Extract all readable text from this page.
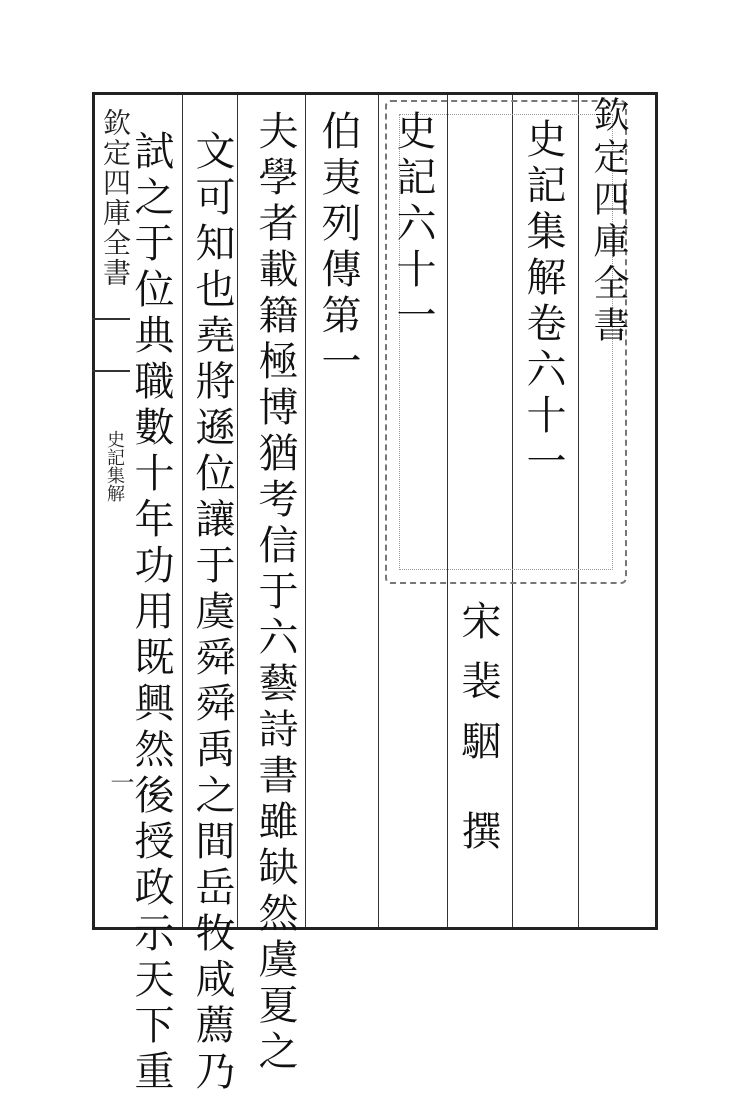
欽定四庫全書
史記集解
一	夫學者載籍極博猶考信于六藝詩書雖缺然虞夏之
文可知也堯將遜位讓于虞舜舜禹之間岳牧咸薦乃
試之于位典職數十年功用既興然後授政示天下重	伯夷列傳第一 史記六十一
宋
裴駰
撰
史記集解卷六十一 欽定四庫全書
